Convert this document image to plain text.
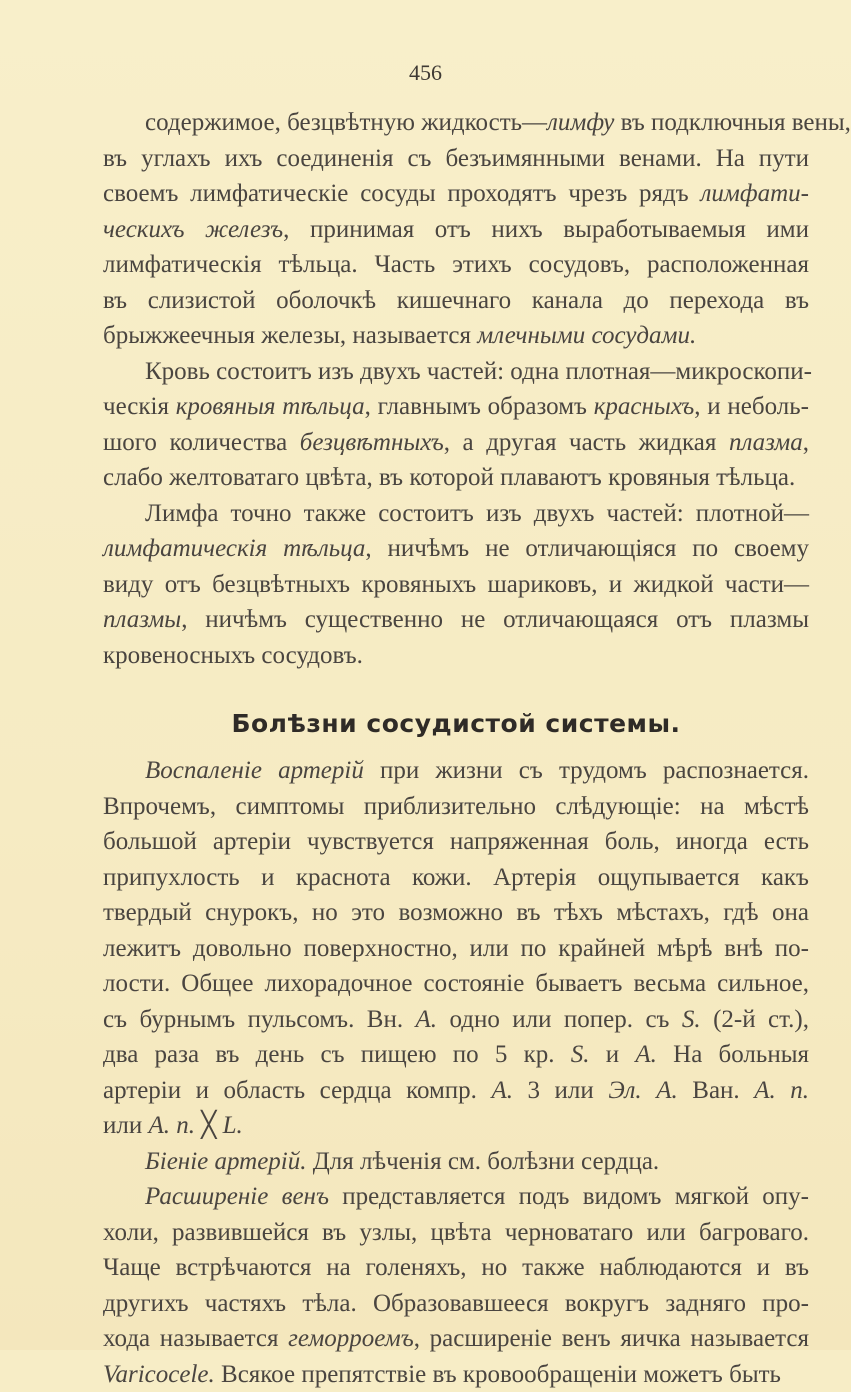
456
содержимое, безцвѣтную жидкость—лимфу въ подключныя вены,
въ углахъ ихъ соединенія съ безъимянными венами. На пути
своемъ лимфатическіе сосуды проходятъ чрезъ рядъ лимфати-
ческихъ железъ, принимая отъ нихъ выработываемыя ими
лимфатическія тѣльца. Часть этихъ сосудовъ, расположенная
въ слизистой оболочкѣ кишечнаго канала до перехода въ
брыжжеечныя железы, называется млечными сосудами.
Кровь состоитъ изъ двухъ частей: одна плотная—микроскопи-
ческія кровяныя тѣльца, главнымъ образомъ красныхъ, и неболь-
шого количества безцвѣтныхъ, а другая часть жидкая плазма,
слабо желтоватаго цвѣта, въ которой плаваютъ кровяныя тѣльца.
Лимфа точно также состоитъ изъ двухъ частей: плотной—
лимфатическія тѣльца, ничѣмъ не отличающіяся по своему
виду отъ безцвѣтныхъ кровяныхъ шариковъ, и жидкой части—
плазмы, ничѣмъ существенно не отличающаяся отъ плазмы
кровеносныхъ сосудовъ.
Болѣзни сосудистой системы.
Воспаленіе артерій при жизни съ трудомъ распознается.
Впрочемъ, симптомы приблизительно слѣдующіе: на мѣстѣ
большой артеріи чувствуется напряженная боль, иногда есть
припухлость и краснота кожи. Артерія ощупывается какъ
твердый снурокъ, но это возможно въ тѣхъ мѣстахъ, гдѣ она
лежитъ довольно поверхностно, или по крайней мѣрѣ внѣ по-
лости. Общее лихорадочное состояніе бываетъ весьма сильное,
съ бурнымъ пульсомъ. Вн. А. одно или попер. съ S. (2-й ст.),
два раза въ день съ пищею по 5 кр. S. и А. На больныя
артеріи и область сердца компр. А. 3 или Эл. А. Ван. А. п.
или А. п. ╳ L.
Біеніе артерій. Для лѣченія см. болѣзни сердца.
Расширеніе венъ представляется подъ видомъ мягкой опу-
холи, развившейся въ узлы, цвѣта черноватаго или багроваго.
Чаще встрѣчаются на голеняхъ, но также наблюдаются и въ
другихъ частяхъ тѣла. Образовавшееся вокругъ задняго про-
хода называется геморроемъ, расширеніе венъ яичка называется
Varicocele. Всякое препятствіе въ кровообращеніи можетъ быть
